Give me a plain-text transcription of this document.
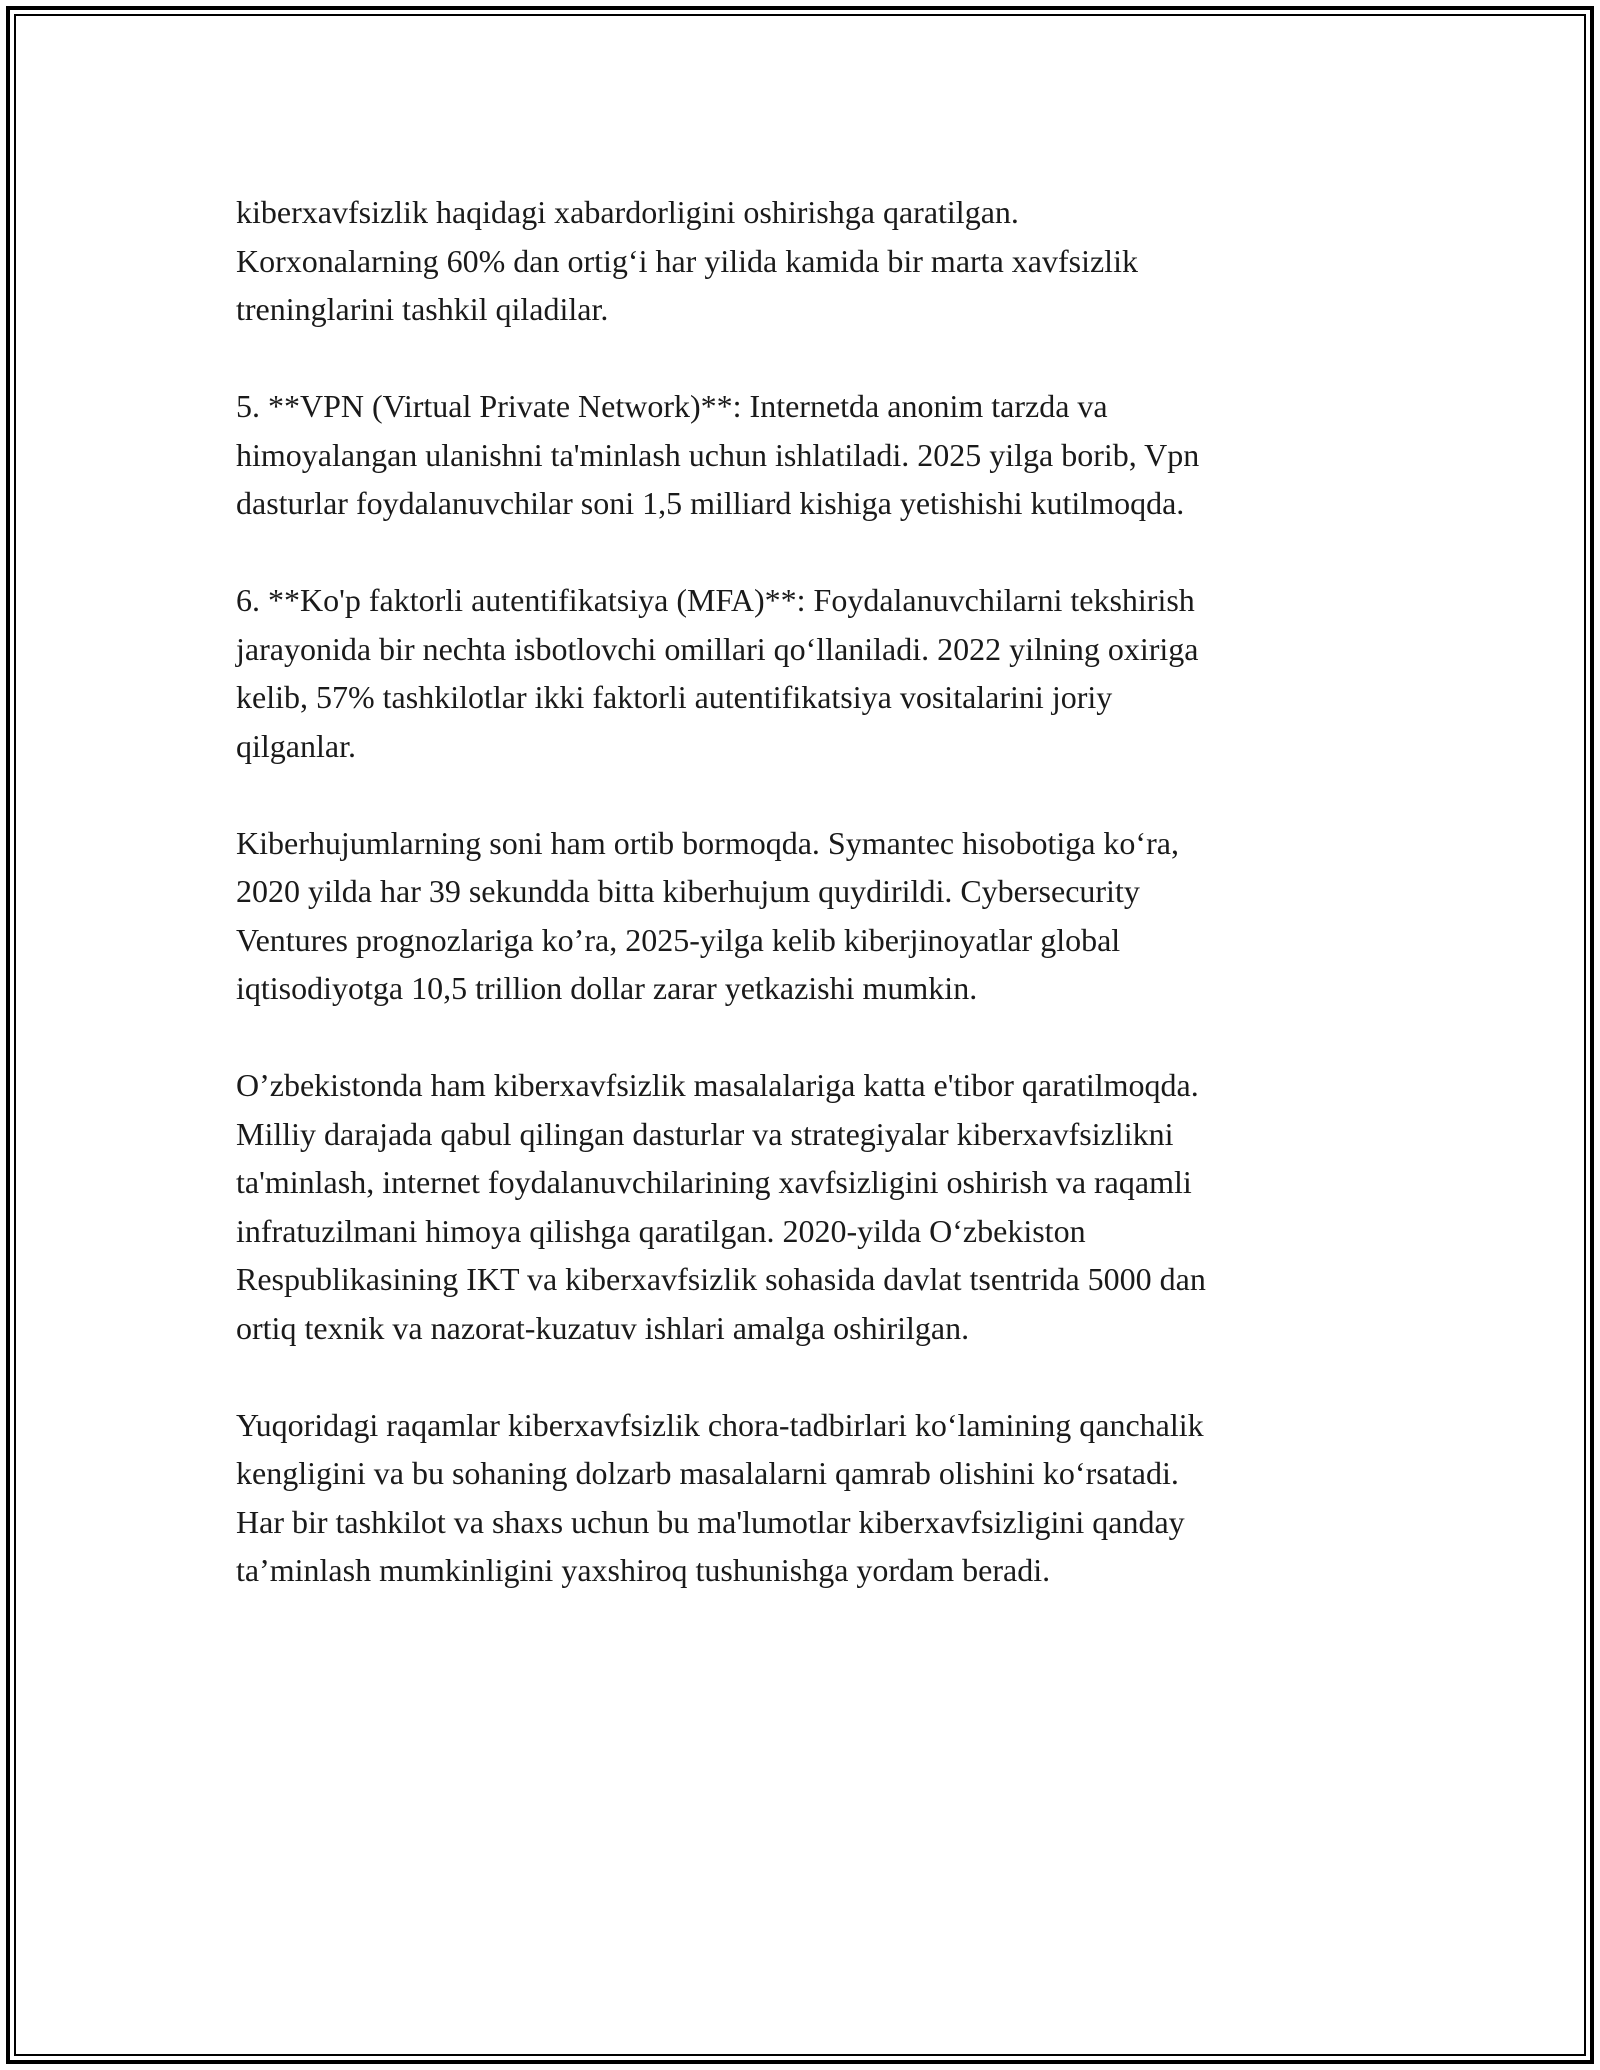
kiberxavfsizlik haqidagi xabardorligini oshirishga qaratilgan.
Korxonalarning 60% dan ortig‘i har yilida kamida bir marta xavfsizlik
treninglarini tashkil qiladilar.

5. **VPN (Virtual Private Network)**: Internetda anonim tarzda va
himoyalangan ulanishni ta'minlash uchun ishlatiladi. 2025 yilga borib, Vpn
dasturlar foydalanuvchilar soni 1,5 milliard kishiga yetishishi kutilmoqda.

6. **Ko'p faktorli autentifikatsiya (MFA)**: Foydalanuvchilarni tekshirish
jarayonida bir nechta isbotlovchi omillari qo‘llaniladi. 2022 yilning oxiriga
kelib, 57% tashkilotlar ikki faktorli autentifikatsiya vositalarini joriy
qilganlar.

Kiberhujumlarning soni ham ortib bormoqda. Symantec hisobotiga ko‘ra,
2020 yilda har 39 sekundda bitta kiberhujum quydirildi. Cybersecurity
Ventures prognozlariga ko’ra, 2025-yilga kelib kiberjinoyatlar global
iqtisodiyotga 10,5 trillion dollar zarar yetkazishi mumkin.

O’zbekistonda ham kiberxavfsizlik masalalariga katta e'tibor qaratilmoqda.
Milliy darajada qabul qilingan dasturlar va strategiyalar kiberxavfsizlikni
ta'minlash, internet foydalanuvchilarining xavfsizligini oshirish va raqamli
infratuzilmani himoya qilishga qaratilgan. 2020-yilda O‘zbekiston
Respublikasining IKT va kiberxavfsizlik sohasida davlat tsentrida 5000 dan
ortiq texnik va nazorat-kuzatuv ishlari amalga oshirilgan.

Yuqoridagi raqamlar kiberxavfsizlik chora-tadbirlari ko‘lamining qanchalik
kengligini va bu sohaning dolzarb masalalarni qamrab olishini ko‘rsatadi.
Har bir tashkilot va shaxs uchun bu ma'lumotlar kiberxavfsizligini qanday
ta’minlash mumkinligini yaxshiroq tushunishga yordam beradi.
